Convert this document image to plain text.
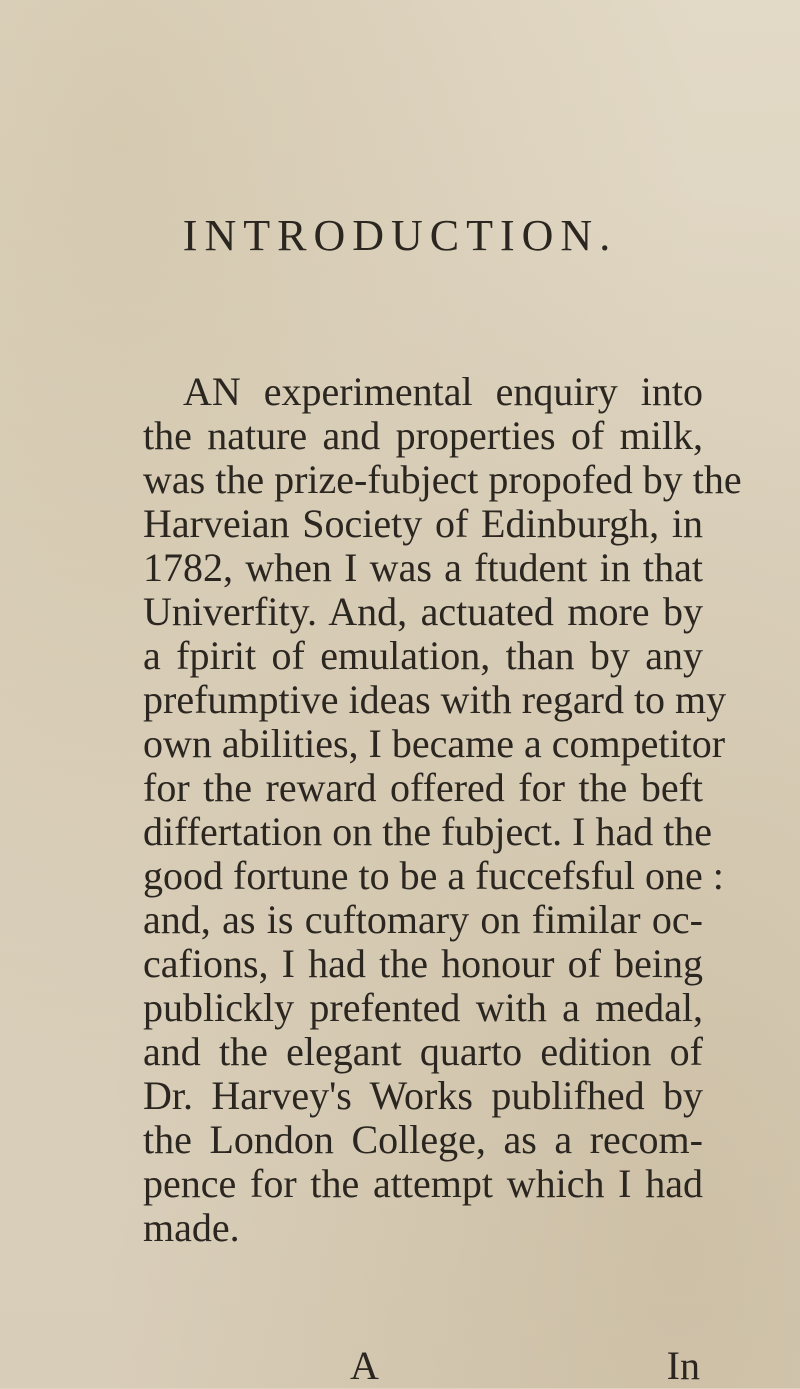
INTRODUCTION.
AN experimental enquiry into
the nature and properties of milk,
was the prize-fubject propofed by the
Harveian Society of Edinburgh, in
1782, when I was a ftudent in that
Univerfity. And, actuated more by
a fpirit of emulation, than by any
prefumptive ideas with regard to my
own abilities, I became a competitor
for the reward offered for the beft
differtation on the fubject. I had the
good fortune to be a fuccefsful one :
and, as is cuftomary on fimilar oc-
cafions, I had the honour of being
publickly prefented with a medal,
and the elegant quarto edition of
Dr. Harvey's Works publifhed by
the London College, as a recom-
pence for the attempt which I had
made.
A	In
